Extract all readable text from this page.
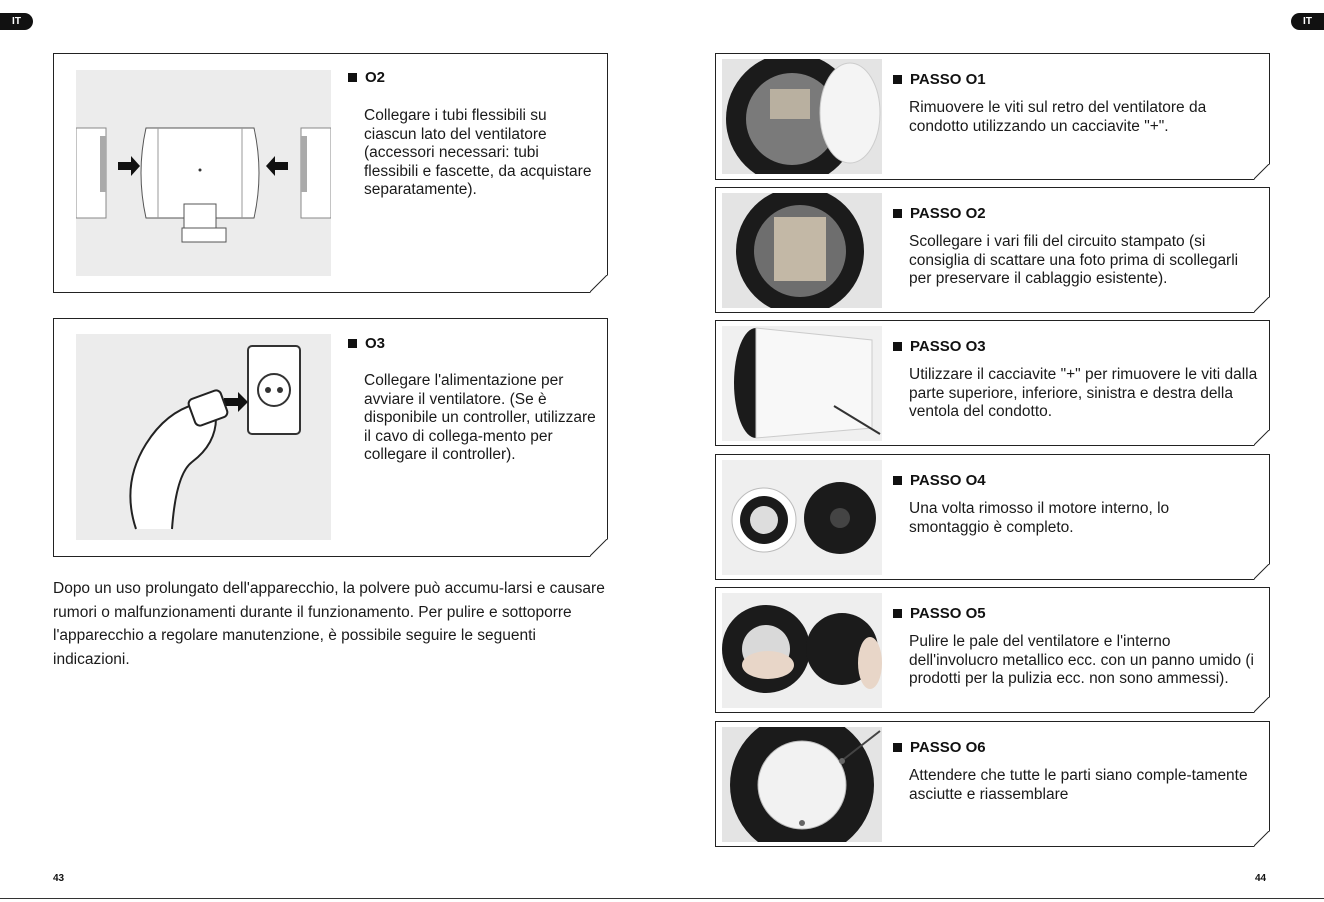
IT	IT
O2
Collegare i tubi flessibili su ciascun lato del ventilatore (accessori necessari: tubi flessibili e fascette, da acquistare separatamente).
O3
Collegare l'alimentazione per avviare il ventilatore. (Se è disponibile un controller, utilizzare il cavo di collega-mento per collegare il controller).
Dopo un uso prolungato dell'apparecchio, la polvere può accumu-larsi e causare rumori o malfunzionamenti durante il funzionamento. Per pulire e sottoporre l'apparecchio a regolare manutenzione, è possibile seguire le seguenti indicazioni.
43
PASSO O1
Rimuovere le viti sul retro del ventilatore da condotto utilizzando un cacciavite "+".
PASSO O2
Scollegare i vari fili del circuito stampato (si consiglia di scattare una foto prima di scollegarli per preservare il cablaggio esistente).
PASSO O3
Utilizzare il cacciavite "+" per rimuovere le viti dalla parte superiore, inferiore, sinistra e destra della ventola del condotto.
PASSO O4
Una volta rimosso il motore interno, lo smontaggio è completo.
PASSO O5
Pulire le pale del ventilatore e l'interno dell'involucro metallico ecc. con un panno umido (i prodotti per la pulizia ecc. non sono ammessi).
PASSO O6
Attendere che tutte le parti siano comple-tamente asciutte e riassemblare
44
